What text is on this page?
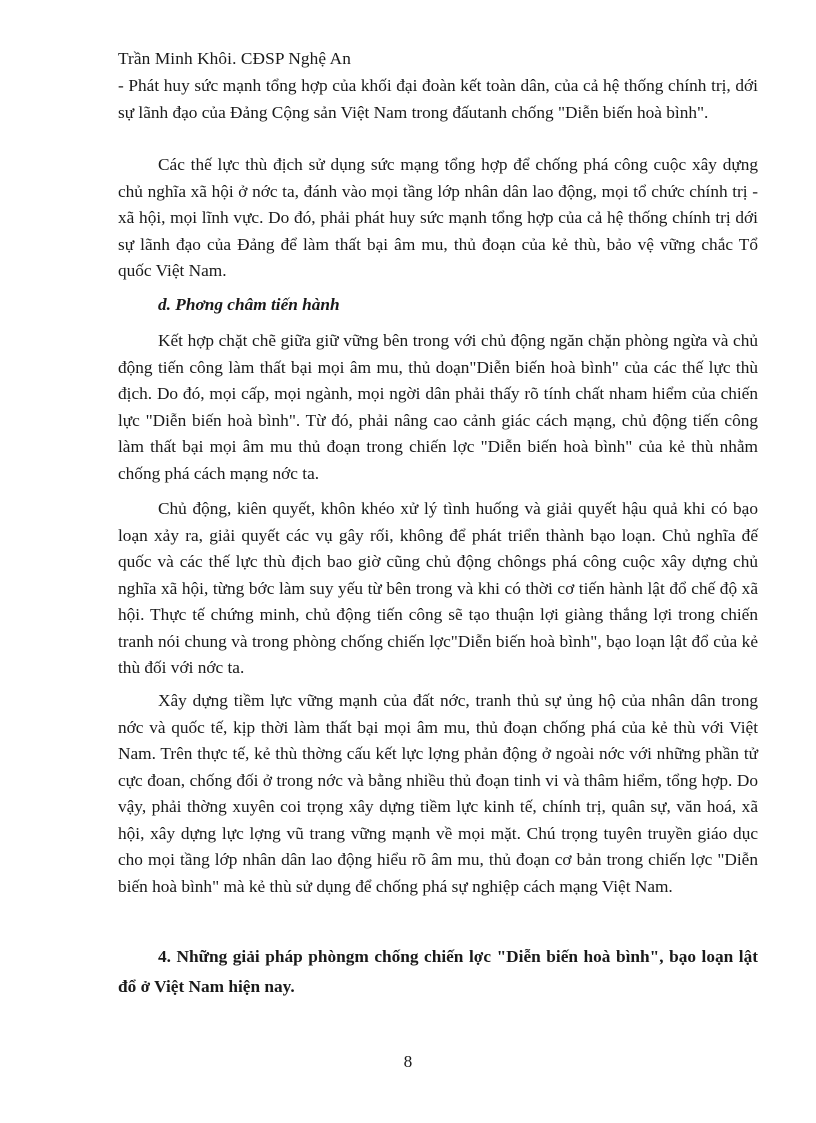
Trần Minh Khôi. CĐSP Nghệ An

- Phát huy sức mạnh tổng hợp của khối đại đoàn kết toàn dân, của cả hệ thống chính trị, dới sự lãnh đạo của Đảng Cộng sản Việt Nam trong đấutanh chống "Diễn biến hoà bình".

Các thế lực thù địch sử dụng sức mạng tổng hợp để chống phá công cuộc xây dựng chủ nghĩa xã hội ở nớc ta, đánh vào mọi tầng lớp nhân dân lao động, mọi tổ chức chính trị - xã hội, mọi lĩnh vực. Do đó, phải phát huy sức mạnh tổng hợp của cả hệ thống chính trị dới sự lãnh đạo của Đảng để làm thất bại âm mu, thủ đoạn của kẻ thù, bảo vệ vững chắc Tổ quốc Việt Nam.

d. Phơng châm tiến hành

Kết hợp chặt chẽ giữa giữ vững bên trong với chủ động ngăn chặn phòng ngừa và chủ động tiến công làm thất bại mọi âm mu, thủ doạn"Diễn biến hoà bình" của các thế lực thù địch. Do đó, mọi cấp, mọi ngành, mọi ngời dân phải thấy rõ tính chất nham hiểm của chiến lực "Diễn biến hoà bình". Từ đó, phải nâng cao cảnh giác cách mạng, chủ động tiến công làm thất bại mọi âm mu thủ đoạn trong chiến lợc "Diễn biến hoà bình" của kẻ thù nhằm chống phá cách mạng nớc ta.

Chủ động, kiên quyết, khôn khéo xử lý tình huống và giải quyết hậu quả khi có bạo loạn xảy ra, giải quyết các vụ gây rối, không để phát triển thành bạo loạn. Chủ nghĩa đế quốc và các thế lực thù địch bao giờ cũng chủ động chôngs phá công cuộc xây dựng chủ nghĩa xã hội, từng bớc làm suy yếu từ bên trong và khi có thời cơ tiến hành lật đổ chế độ xã hội. Thực tế chứng minh, chủ động tiến công sẽ tạo thuận lợi giàng thắng lợi trong chiến tranh nói chung và trong phòng chống chiến lợc"Diễn biến hoà bình", bạo loạn lật đổ của kẻ thù đối với nớc ta.

Xây dựng tiềm lực vững mạnh của đất nớc, tranh thủ sự ủng hộ của nhân dân trong nớc và quốc tế, kịp thời làm thất bại mọi âm mu, thủ đoạn chống phá của kẻ thù với Việt Nam. Trên thực tế, kẻ thù thờng cấu kết lực lợng phản động ở ngoài nớc với những phần tử cực đoan, chống đối ở trong nớc và bằng nhiều thủ đoạn tinh vi và thâm hiểm, tổng hợp. Do vậy, phải thờng xuyên coi trọng xây dựng tiềm lực kinh tế, chính trị, quân sự, văn hoá, xã hội, xây dựng lực lợng vũ trang vững mạnh về mọi mặt. Chú trọng tuyên truyền giáo dục cho mọi tầng lớp nhân dân lao động hiểu rõ âm mu, thủ đoạn cơ bản trong chiến lợc "Diễn biến hoà bình" mà kẻ thù sử dụng để chống phá sự nghiệp cách mạng Việt Nam.

4. Những giải pháp phòngm chống chiến lợc "Diễn biến hoà bình", bạo loạn lật đổ ở Việt Nam hiện nay.

8
